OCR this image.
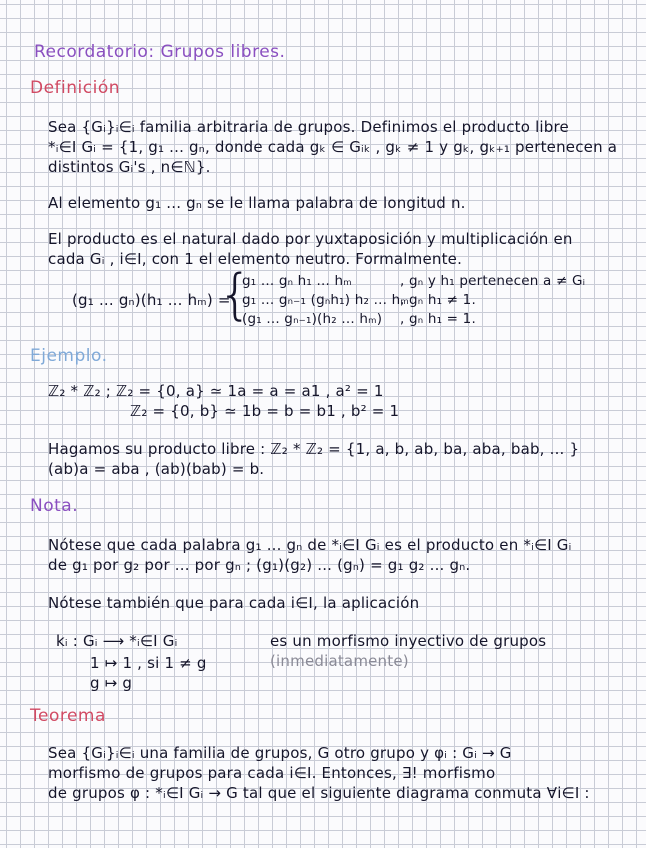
Recordatorio: Grupos libres.
Definición
Sea {Gᵢ}ᵢ∈ᵢ familia arbitraria de grupos. Definimos el producto libre
*ᵢ∈I Gᵢ = {1, g₁ ... gₙ, donde cada gₖ ∈ Gᵢₖ , gₖ ≠ 1 y gₖ, gₖ₊₁ pertenecen a
distintos Gᵢ's , n∈ℕ}.
Al elemento g₁ ... gₙ se le llama palabra de longitud n.
El producto es el natural dado por yuxtaposición y multiplicación en
cada Gᵢ , i∈I, con 1 el elemento neutro. Formalmente.
(g₁ ... gₙ)(h₁ ... hₘ) =
{
g₁ ... gₙ h₁ ... hₘ
g₁ ... gₙ₋₁ (gₙh₁) h₂ ... hₘ
(g₁ ... gₙ₋₁)(h₂ ... hₘ)
, gₙ y h₁ pertenecen a ≠ Gᵢ
, gₙ h₁ ≠ 1.
, gₙ h₁ = 1.
Ejemplo.
ℤ₂ * ℤ₂ ; ℤ₂ = {0, a} ≃ 1a = a = a1 , a² = 1
ℤ₂ = {0, b} ≃ 1b = b = b1 , b² = 1
Hagamos su producto libre : ℤ₂ * ℤ₂ = {1, a, b, ab, ba, aba, bab, ... }
(ab)a = aba , (ab)(bab) = b.
Nota.
Nótese que cada palabra g₁ ... gₙ de *ᵢ∈I Gᵢ es el producto en *ᵢ∈I Gᵢ
de g₁ por g₂ por ... por gₙ ; (g₁)(g₂) ... (gₙ) = g₁ g₂ ... gₙ.
Nótese también que para cada i∈I, la aplicación
kᵢ : Gᵢ ⟶ *ᵢ∈I Gᵢ
1 ↦ 1 , si 1 ≠ g
g ↦ g
es un morfismo inyectivo de grupos
(inmediatamente)
Teorema
Sea {Gᵢ}ᵢ∈ᵢ una familia de grupos, G otro grupo y φᵢ : Gᵢ → G
morfismo de grupos para cada i∈I. Entonces, ∃! morfismo
de grupos φ : *ᵢ∈I Gᵢ → G tal que el siguiente diagrama conmuta ∀i∈I :
